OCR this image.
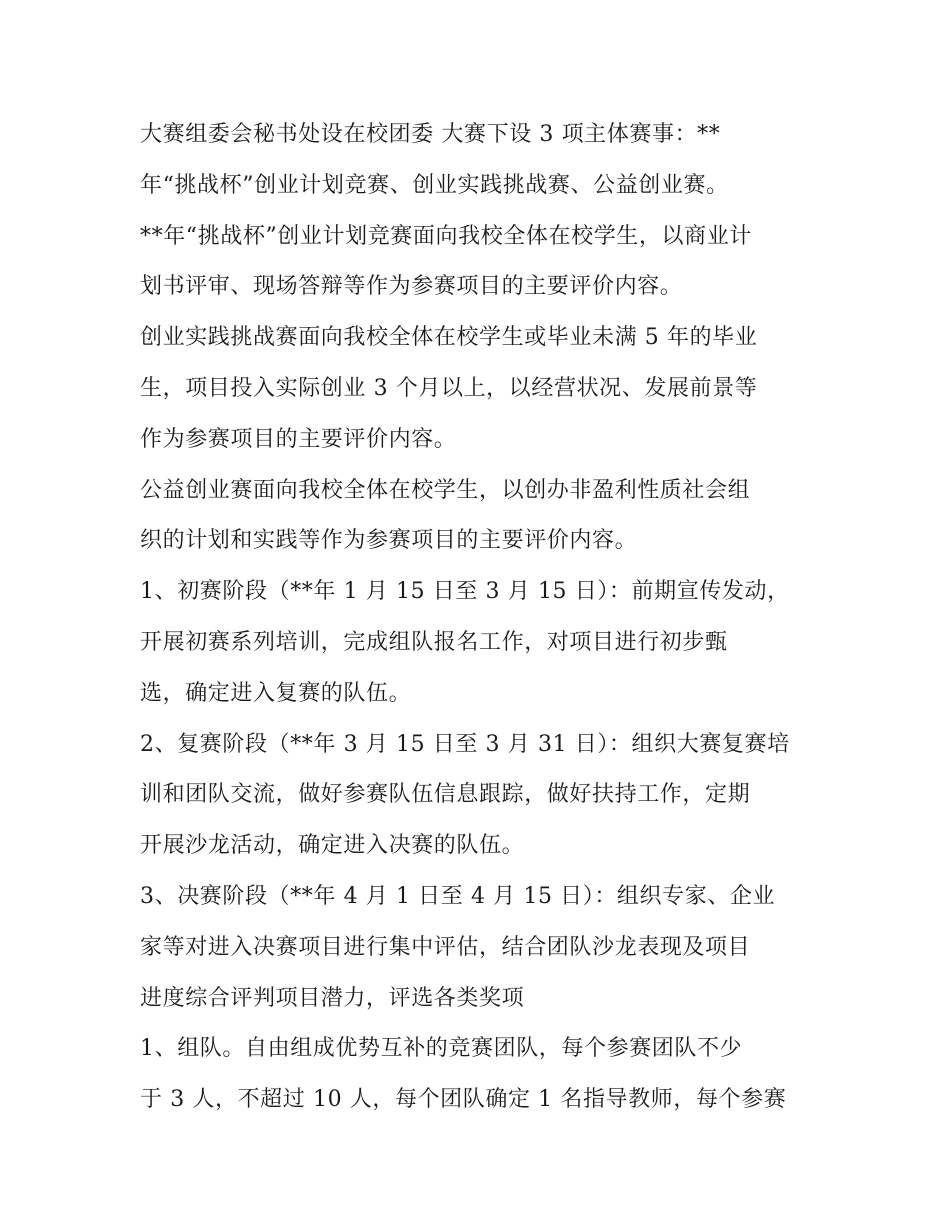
大赛组委会秘书处设在校团委 大赛下设 3 项主体赛事：**
年“挑战杯”创业计划竞赛、创业实践挑战赛、公益创业赛。
**年“挑战杯”创业计划竞赛面向我校全体在校学生，以商业计
划书评审、现场答辩等作为参赛项目的主要评价内容。
创业实践挑战赛面向我校全体在校学生或毕业未满 5 年的毕业
生，项目投入实际创业 3 个月以上，以经营状况、发展前景等
作为参赛项目的主要评价内容。
公益创业赛面向我校全体在校学生，以创办非盈利性质社会组
织的计划和实践等作为参赛项目的主要评价内容。
1、初赛阶段（**年 1 月 15 日至 3 月 15 日）：前期宣传发动，
开展初赛系列培训，完成组队报名工作，对项目进行初步甄
选，确定进入复赛的队伍。
2、复赛阶段（**年 3 月 15 日至 3 月 31 日）：组织大赛复赛培
训和团队交流，做好参赛队伍信息跟踪，做好扶持工作，定期
开展沙龙活动，确定进入决赛的队伍。
3、决赛阶段（**年 4 月 1 日至 4 月 15 日）：组织专家、企业
家等对进入决赛项目进行集中评估，结合团队沙龙表现及项目
进度综合评判项目潜力，评选各类奖项
1、组队。自由组成优势互补的竞赛团队，每个参赛团队不少
于 3 人，不超过 10 人，每个团队确定 1 名指导教师，每个参赛
